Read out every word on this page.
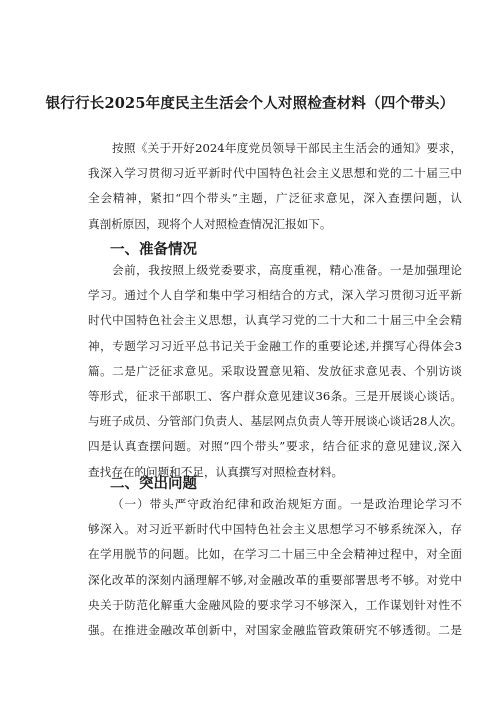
银行行长2025年度民主生活会个人对照检查材料（四个带头）
按照《关于开好2024年度党员领导干部民主生活会的通知》要求，
我深入学习贯彻习近平新时代中国特色社会主义思想和党的二十届三中
全会精神，紧扣“四个带头”主题，广泛征求意见，深入查摆问题，认
真剖析原因，现将个人对照检查情况汇报如下。
一、准备情况
会前，我按照上级党委要求，高度重视，精心准备。一是加强理论
学习。通过个人自学和集中学习相结合的方式，深入学习贯彻习近平新
时代中国特色社会主义思想，认真学习党的二十大和二十届三中全会精
神，专题学习习近平总书记关于金融工作的重要论述,并撰写心得体会3
篇。二是广泛征求意见。采取设置意见箱、发放征求意见表、个别访谈
等形式，征求干部职工、客户群众意见建议36条。三是开展谈心谈话。
与班子成员、分管部门负责人、基层网点负责人等开展谈心谈话28人次。
四是认真查摆问题。对照“四个带头”要求，结合征求的意见建议,深入
查找存在的问题和不足，认真撰写对照检查材料。
二、突出问题
（一）带头严守政治纪律和政治规矩方面。一是政治理论学习不
够深入。对习近平新时代中国特色社会主义思想学习不够系统深入，存
在学用脱节的问题。比如，在学习二十届三中全会精神过程中，对全面
深化改革的深刻内涵理解不够,对金融改革的重要部署思考不够。对党中
央关于防范化解重大金融风险的要求学习不够深入，工作谋划针对性不
强。在推进金融改革创新中，对国家金融监管政策研究不够透彻。二是
